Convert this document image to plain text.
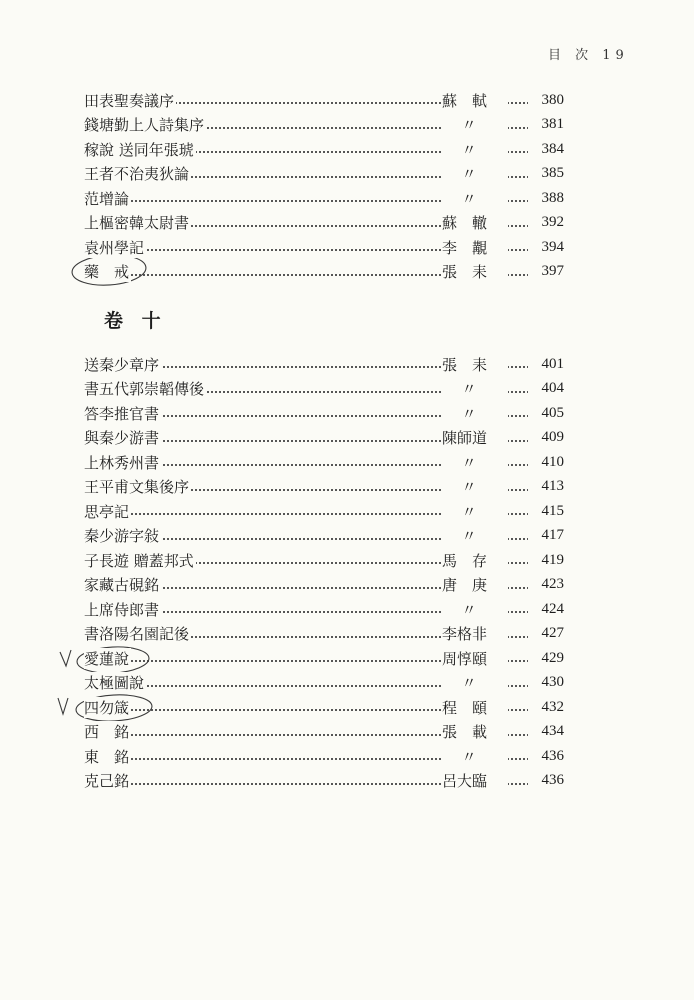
目 次 19
田表聖奏議序	蘇　軾	380
錢塘勤上人詩集序	〃	381
稼說 送同年張琥	〃	384
王者不治夷狄論	〃	385
范增論	〃	388
上樞密韓太尉書	蘇　轍	392
袁州學記	李　覯	394
藥　戒	張　耒	397
卷 十
送秦少章序	張　耒	401
書五代郭崇韜傳後	〃	404
答李推官書	〃	405
與秦少游書	陳師道	409
上林秀州書	〃	410
王平甫文集後序	〃	413
思亭記	〃	415
秦少游字敍	〃	417
子長遊 贈蓋邦式	馬　存	419
家藏古硯銘	唐　庚	423
上席侍郎書	〃	424
書洛陽名園記後	李格非	427
愛蓮說	周惇頤	429
太極圖說	〃	430
四勿箴	程　頤	432
西　銘	張　載	434
東　銘	〃	436
克己銘	呂大臨	436
